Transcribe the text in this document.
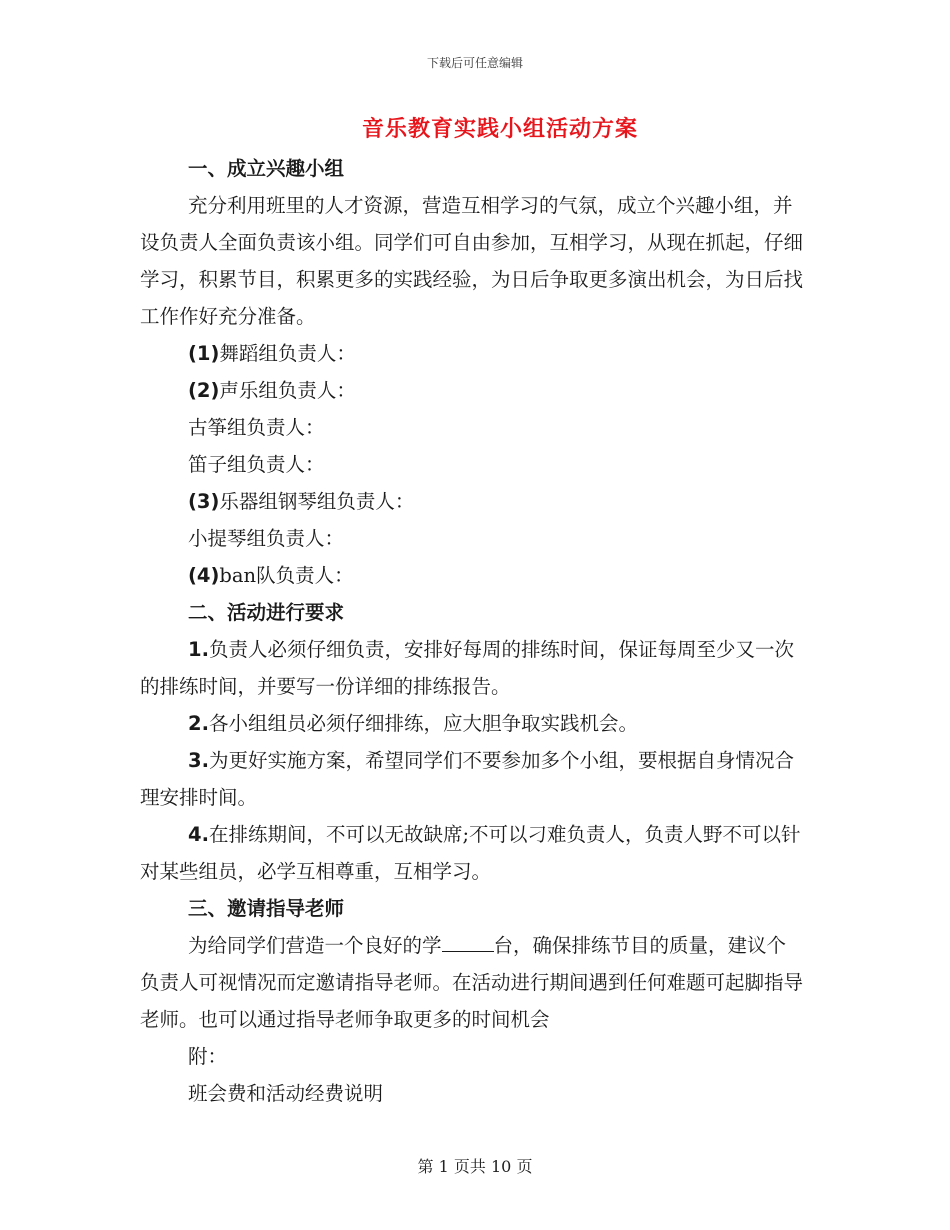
下载后可任意编辑
音乐教育实践小组活动方案

一、成立兴趣小组

充分利用班里的人才资源，营造互相学习的气氛，成立个兴趣小组，并设负责人全面负责该小组。同学们可自由参加，互相学习，从现在抓起，仔细学习，积累节目，积累更多的实践经验，为日后争取更多演出机会，为日后找工作作好充分准备。

(1)舞蹈组负责人：

(2)声乐组负责人：

古筝组负责人：

笛子组负责人：

(3)乐器组钢琴组负责人：

小提琴组负责人：

(4)ban队负责人：

二、活动进行要求

1.负责人必须仔细负责，安排好每周的排练时间，保证每周至少又一次的排练时间，并要写一份详细的排练报告。

2.各小组组员必须仔细排练，应大胆争取实践机会。

3.为更好实施方案，希望同学们不要参加多个小组，要根据自身情况合理安排时间。

4.在排练期间，不可以无故缺席;不可以刁难负责人，负责人野不可以针对某些组员，必学互相尊重，互相学习。

三、邀请指导老师

为给同学们营造一个良好的学	台，确保排练节目的质量，建议个负责人可视情况而定邀请指导老师。在活动进行期间遇到任何难题可起脚指导老师。也可以通过指导老师争取更多的时间机会

附：

班会费和活动经费说明

第 1 页共 10 页
